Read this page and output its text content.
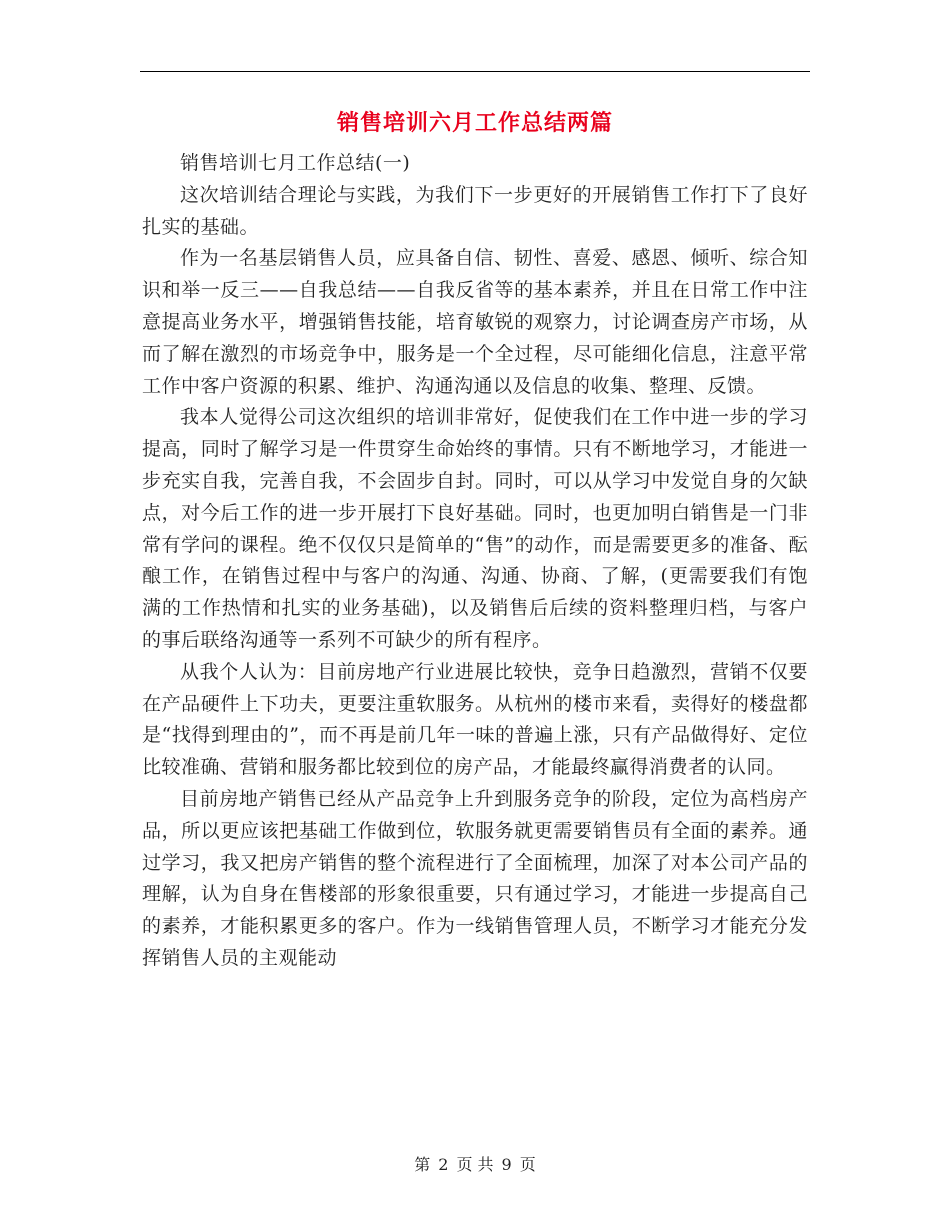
销售培训六月工作总结两篇

销售培训七月工作总结(一)

这次培训结合理论与实践，为我们下一步更好的开展销售工作打下了良好扎实的基础。

作为一名基层销售人员，应具备自信、韧性、喜爱、感恩、倾听、综合知识和举一反三——自我总结——自我反省等的基本素养，并且在日常工作中注意提高业务水平，增强销售技能，培育敏锐的观察力，讨论调查房产市场，从而了解在激烈的市场竞争中，服务是一个全过程，尽可能细化信息，注意平常工作中客户资源的积累、维护、沟通沟通以及信息的收集、整理、反馈。

我本人觉得公司这次组织的培训非常好，促使我们在工作中进一步的学习提高，同时了解学习是一件贯穿生命始终的事情。只有不断地学习，才能进一步充实自我，完善自我，不会固步自封。同时，可以从学习中发觉自身的欠缺点，对今后工作的进一步开展打下良好基础。同时，也更加明白销售是一门非常有学问的课程。绝不仅仅只是简单的“售”的动作，而是需要更多的准备、酝酿工作，在销售过程中与客户的沟通、沟通、协商、了解，(更需要我们有饱满的工作热情和扎实的业务基础)，以及销售后后续的资料整理归档，与客户的事后联络沟通等一系列不可缺少的所有程序。

从我个人认为：目前房地产行业进展比较快，竞争日趋激烈，营销不仅要在产品硬件上下功夫，更要注重软服务。从杭州的楼市来看，卖得好的楼盘都是“找得到理由的”，而不再是前几年一味的普遍上涨，只有产品做得好、定位比较准确、营销和服务都比较到位的房产品，才能最终赢得消费者的认同。

目前房地产销售已经从产品竞争上升到服务竞争的阶段，定位为高档房产品，所以更应该把基础工作做到位，软服务就更需要销售员有全面的素养。通过学习，我又把房产销售的整个流程进行了全面梳理，加深了对本公司产品的理解，认为自身在售楼部的形象很重要，只有通过学习，才能进一步提高自己的素养，才能积累更多的客户。作为一线销售管理人员，不断学习才能充分发挥销售人员的主观能动

第 2 页 共 9 页
